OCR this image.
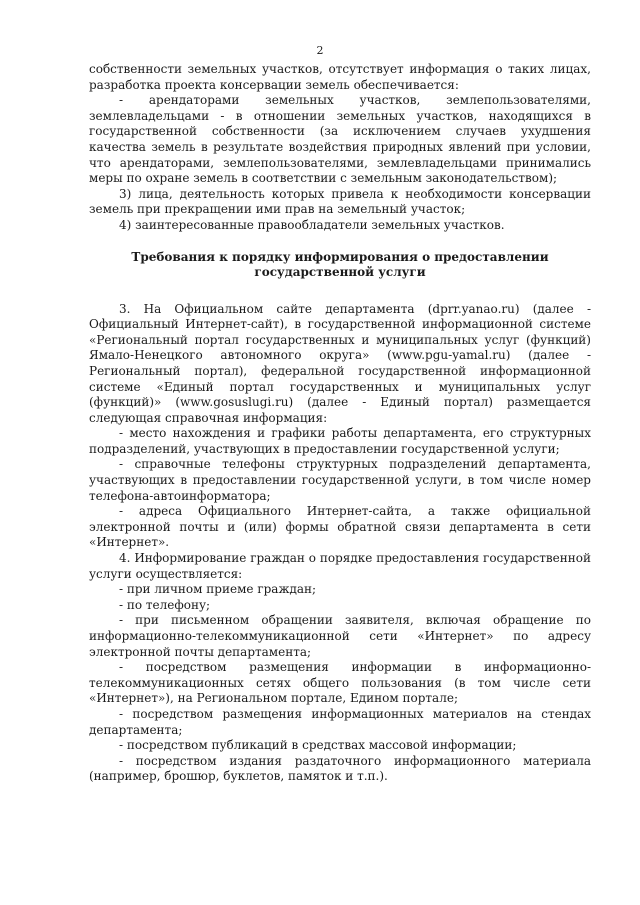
2

собственности земельных участков, отсутствует информация о таких лицах, разработка проекта консервации земель обеспечивается:

- арендаторами земельных участков, землепользователями, землевладельцами - в отношении земельных участков, находящихся в государственной собственности (за исключением случаев ухудшения качества земель в результате воздействия природных явлений при условии, что арендаторами, землепользователями, землевладельцами принимались меры по охране земель в соответствии с земельным законодательством);

3) лица, деятельность которых привела к необходимости консервации земель при прекращении ими прав на земельный участок;

4) заинтересованные правообладатели земельных участков.

Требования к порядку информирования о предоставлении государственной услуги

3. На Официальном сайте департамента (dprr.yanao.ru) (далее - Официальный Интернет-сайт), в государственной информационной системе «Региональный портал государственных и муниципальных услуг (функций) Ямало-Ненецкого автономного округа» (www.pgu-yamal.ru) (далее - Региональный портал), федеральной государственной информационной системе «Единый портал государственных и муниципальных услуг (функций)» (www.gosuslugi.ru) (далее - Единый портал) размещается следующая справочная информация:

- место нахождения и графики работы департамента, его структурных подразделений, участвующих в предоставлении государственной услуги;

- справочные телефоны структурных подразделений департамента, участвующих в предоставлении государственной услуги, в том числе номер телефона-автоинформатора;

- адреса Официального Интернет-сайта, а также официальной электронной почты и (или) формы обратной связи департамента в сети «Интернет».

4. Информирование граждан о порядке предоставления государственной услуги осуществляется:

- при личном приеме граждан;

- по телефону;

- при письменном обращении заявителя, включая обращение по информационно-телекоммуникационной сети «Интернет» по адресу электронной почты департамента;

- посредством размещения информации в информационно-телекоммуникационных сетях общего пользования (в том числе сети «Интернет»), на Региональном портале, Едином портале;

- посредством размещения информационных материалов на стендах департамента;

- посредством публикаций в средствах массовой информации;

- посредством издания раздаточного информационного материала (например, брошюр, буклетов, памяток и т.п.).
